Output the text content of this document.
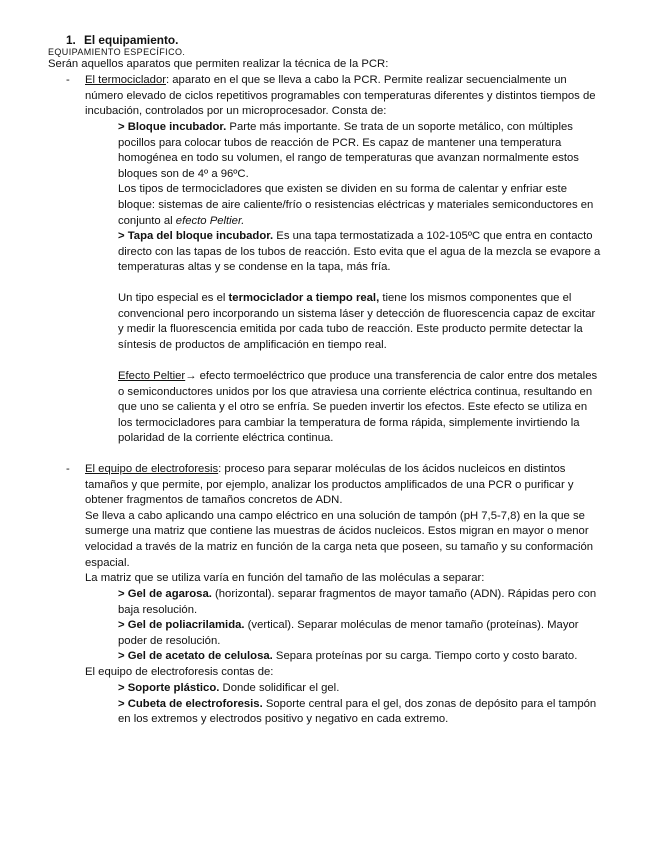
1. El equipamiento.
EQUIPAMIENTO ESPECÍFICO.
Serán aquellos aparatos que permiten realizar la técnica de la PCR:
- El termociclador: aparato en el que se lleva a cabo la PCR. Permite realizar secuencialmente un
número elevado de ciclos repetitivos programables con temperaturas diferentes y distintos tiempos de
incubación, controlados por un microprocesador. Consta de:
> Bloque incubador. Parte más importante. Se trata de un soporte metálico, con múltiples
pocillos para colocar tubos de reacción de PCR. Es capaz de mantener una temperatura
homogénea en todo su volumen, el rango de temperaturas que avanzan normalmente estos
bloques son de 4º a 96ºC.
Los tipos de termocicladores que existen se dividen en su forma de calentar y enfriar este
bloque: sistemas de aire caliente/frío o resistencias eléctricas y materiales semiconductores en
conjunto al efecto Peltier.
> Tapa del bloque incubador. Es una tapa termostatizada a 102-105ºC que entra en contacto
directo con las tapas de los tubos de reacción. Esto evita que el agua de la mezcla se evapore a
temperaturas altas y se condense en la tapa, más fría.
Un tipo especial es el termociclador a tiempo real, tiene los mismos componentes que el
convencional pero incorporando un sistema láser y detección de fluorescencia capaz de excitar
y medir la fluorescencia emitida por cada tubo de reacción. Este producto permite detectar la
síntesis de productos de amplificación en tiempo real.
Efecto Peltier→ efecto termoeléctrico que produce una transferencia de calor entre dos metales
o semiconductores unidos por los que atraviesa una corriente eléctrica continua, resultando en
que uno se calienta y el otro se enfría. Se pueden invertir los efectos. Este efecto se utiliza en
los termocicladores para cambiar la temperatura de forma rápida, simplemente invirtiendo la
polaridad de la corriente eléctrica continua.
- El equipo de electroforesis: proceso para separar moléculas de los ácidos nucleicos en distintos
tamaños y que permite, por ejemplo, analizar los productos amplificados de una PCR o purificar y
obtener fragmentos de tamaños concretos de ADN.
Se lleva a cabo aplicando una campo eléctrico en una solución de tampón (pH 7,5-7,8) en la que se
sumerge una matriz que contiene las muestras de ácidos nucleicos. Estos migran en mayor o menor
velocidad a través de la matriz en función de la carga neta que poseen, su tamaño y su conformación
espacial.
La matriz que se utiliza varía en función del tamaño de las moléculas a separar:
> Gel de agarosa. (horizontal). separar fragmentos de mayor tamaño (ADN). Rápidas pero con
baja resolución.
> Gel de poliacrilamida. (vertical). Separar moléculas de menor tamaño (proteínas). Mayor
poder de resolución.
> Gel de acetato de celulosa. Separa proteínas por su carga. Tiempo corto y costo barato.
El equipo de electroforesis contas de:
> Soporte plástico. Donde solidificar el gel.
> Cubeta de electroforesis. Soporte central para el gel, dos zonas de depósito para el tampón
en los extremos y electrodos positivo y negativo en cada extremo.
